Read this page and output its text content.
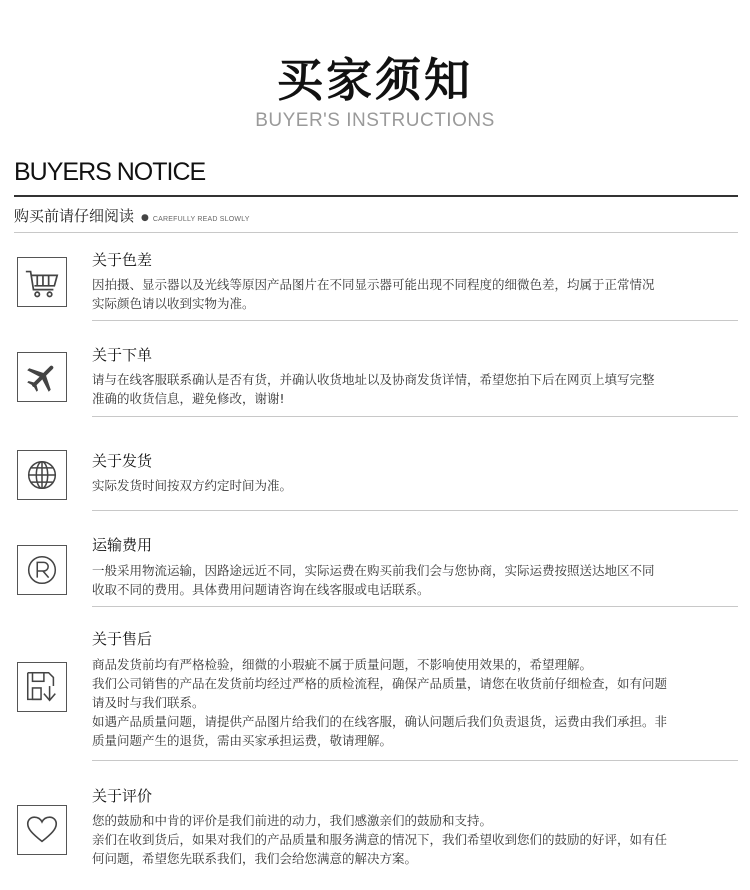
买家须知
BUYER'S INSTRUCTIONS
BUYERS NOTICE
购买前请仔细阅读 ● CAREFULLY READ SLOWLY
关于色差

因拍摄、显示器以及光线等原因产品图片在不同显示器可能出现不同程度的细微色差，均属于正常情况

实际颜色请以收到实物为准。

关于下单

请与在线客服联系确认是否有货，并确认收货地址以及协商发货详情，希望您拍下后在网页上填写完整

准确的收货信息，避免修改，谢谢!

关于发货

实际发货时间按双方约定时间为准。

运输费用

一般采用物流运输，因路途远近不同，实际运费在购买前我们会与您协商，实际运费按照送达地区不同

收取不同的费用。具体费用问题请咨询在线客服或电话联系。

关于售后

商品发货前均有严格检验，细微的小瑕疵不属于质量问题，不影响使用效果的，希望理解。

我们公司销售的产品在发货前均经过严格的质检流程，确保产品质量，请您在收货前仔细检查，如有问题

请及时与我们联系。

如遇产品质量问题，请提供产品图片给我们的在线客服，确认问题后我们负责退货，运费由我们承担。非

质量问题产生的退货，需由买家承担运费，敬请理解。

关于评价

您的鼓励和中肯的评价是我们前进的动力，我们感激亲们的鼓励和支持。

亲们在收到货后，如果对我们的产品质量和服务满意的情况下，我们希望收到您们的鼓励的好评，如有任

何问题，希望您先联系我们，我们会给您满意的解决方案。
